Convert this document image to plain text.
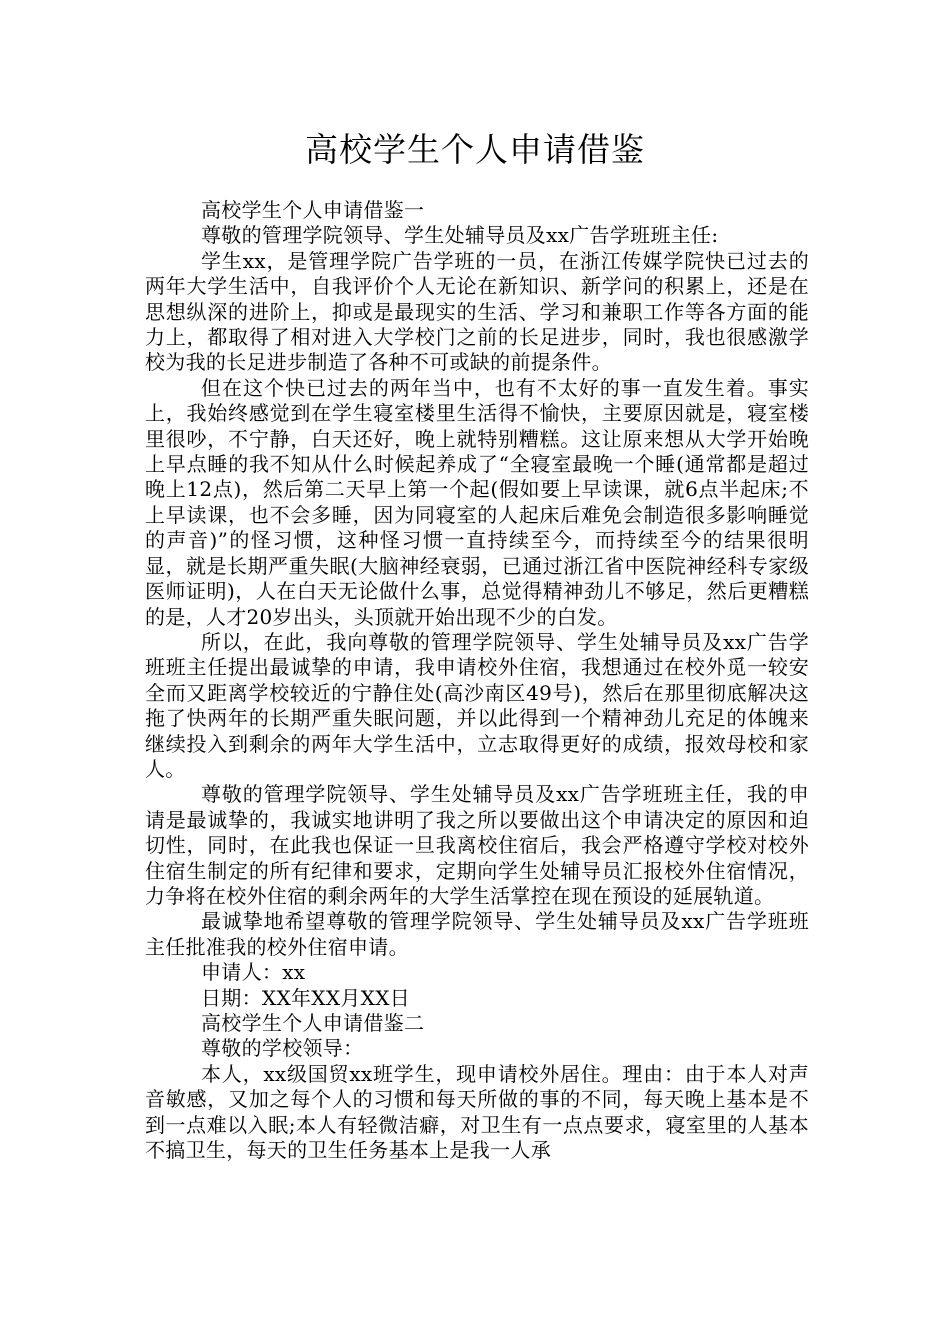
高校学生个人申请借鉴

高校学生个人申请借鉴一

尊敬的管理学院领导、学生处辅导员及xx广告学班班主任:

学生xx，是管理学院广告学班的一员，在浙江传媒学院快已过去的两年大学生活中，自我评价个人无论在新知识、新学问的积累上，还是在思想纵深的进阶上，抑或是最现实的生活、学习和兼职工作等各方面的能力上，都取得了相对进入大学校门之前的长足进步，同时，我也很感激学校为我的长足进步制造了各种不可或缺的前提条件。

但在这个快已过去的两年当中，也有不太好的事一直发生着。事实上，我始终感觉到在学生寝室楼里生活得不愉快，主要原因就是，寝室楼里很吵，不宁静，白天还好，晚上就特别糟糕。这让原来想从大学开始晚上早点睡的我不知从什么时候起养成了“全寝室最晚一个睡(通常都是超过晚上12点)，然后第二天早上第一个起(假如要上早读课，就6点半起床;不上早读课，也不会多睡，因为同寝室的人起床后难免会制造很多影响睡觉的声音)”的怪习惯，这种怪习惯一直持续至今，而持续至今的结果很明显，就是长期严重失眠(大脑神经衰弱，已通过浙江省中医院神经科专家级医师证明)，人在白天无论做什么事，总觉得精神劲儿不够足，然后更糟糕的是，人才20岁出头，头顶就开始出现不少的白发。

所以，在此，我向尊敬的管理学院领导、学生处辅导员及xx广告学班班主任提出最诚挚的申请，我申请校外住宿，我想通过在校外觅一较安全而又距离学校较近的宁静住处(高沙南区49号)，然后在那里彻底解决这拖了快两年的长期严重失眠问题，并以此得到一个精神劲儿充足的体魄来继续投入到剩余的两年大学生活中，立志取得更好的成绩，报效母校和家人。

尊敬的管理学院领导、学生处辅导员及xx广告学班班主任，我的申请是最诚挚的，我诚实地讲明了我之所以要做出这个申请决定的原因和迫切性，同时，在此我也保证一旦我离校住宿后，我会严格遵守学校对校外住宿生制定的所有纪律和要求，定期向学生处辅导员汇报校外住宿情况，力争将在校外住宿的剩余两年的大学生活掌控在现在预设的延展轨道。

最诚挚地希望尊敬的管理学院领导、学生处辅导员及xx广告学班班主任批准我的校外住宿申请。

申请人：xx

日期：XX年XX月XX日

高校学生个人申请借鉴二

尊敬的学校领导：

本人，xx级国贸xx班学生，现申请校外居住。理由：由于本人对声音敏感，又加之每个人的习惯和每天所做的事的不同，每天晚上基本是不到一点难以入眠;本人有轻微洁癖，对卫生有一点点要求，寝室里的人基本不搞卫生，每天的卫生任务基本上是我一人承
